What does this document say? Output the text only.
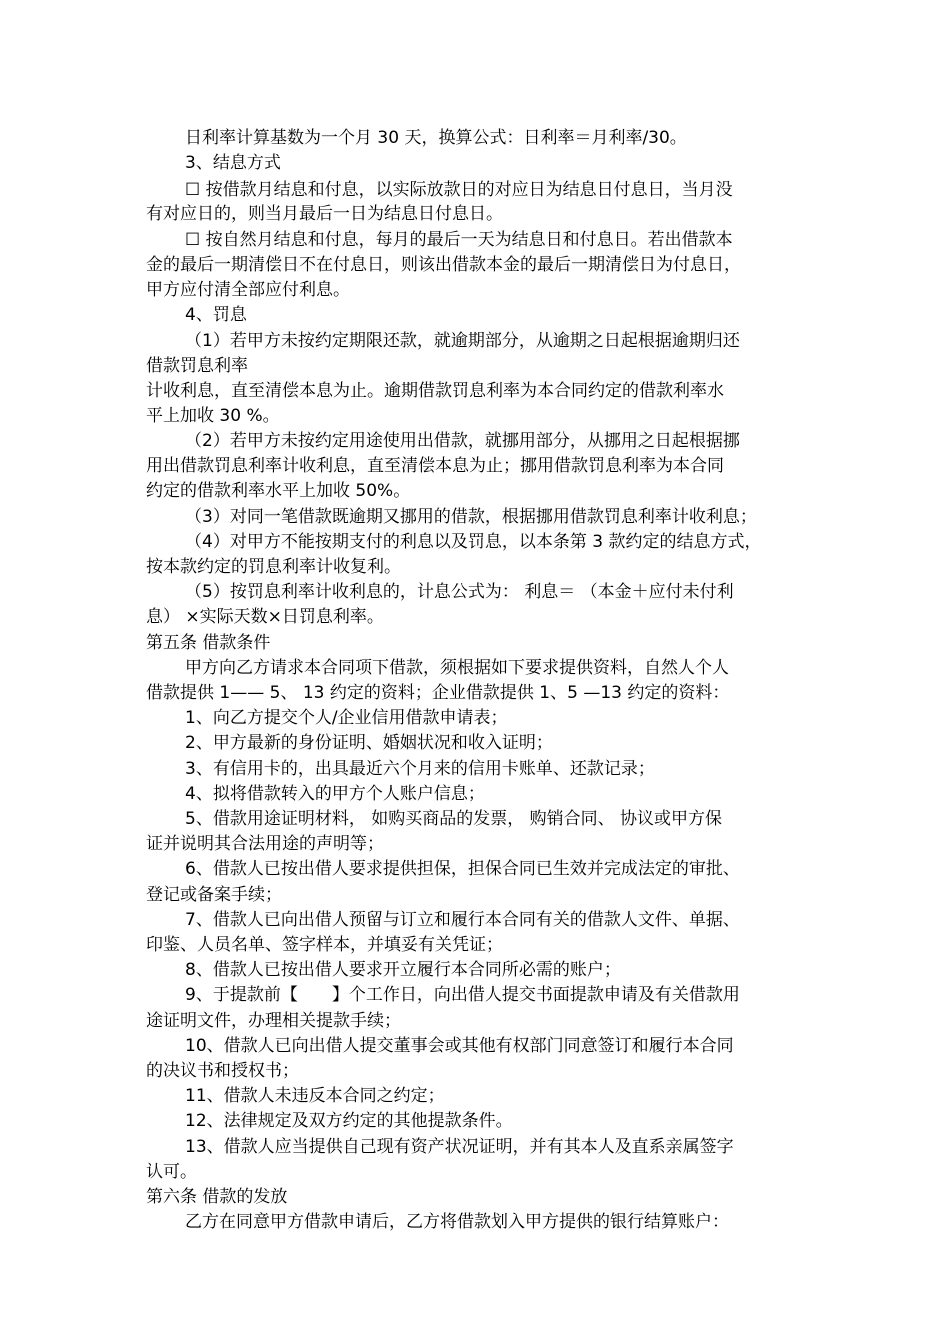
日利率计算基数为一个月 30 天，换算公式：日利率＝月利率/30。
3、结息方式
☐ 按借款月结息和付息，以实际放款日的对应日为结息日付息日，当月没
有对应日的，则当月最后一日为结息日付息日。
☐ 按自然月结息和付息，每月的最后一天为结息日和付息日。若出借款本
金的最后一期清偿日不在付息日，则该出借款本金的最后一期清偿日为付息日，
甲方应付清全部应付利息。
4、罚息
（1）若甲方未按约定期限还款，就逾期部分，从逾期之日起根据逾期归还
借款罚息利率
计收利息，直至清偿本息为止。逾期借款罚息利率为本合同约定的借款利率水
平上加收 30 %。
（2）若甲方未按约定用途使用出借款，就挪用部分，从挪用之日起根据挪
用出借款罚息利率计收利息，直至清偿本息为止；挪用借款罚息利率为本合同
约定的借款利率水平上加收 50%。
（3）对同一笔借款既逾期又挪用的借款，根据挪用借款罚息利率计收利息；
（4）对甲方不能按期支付的利息以及罚息，以本条第 3 款约定的结息方式，
按本款约定的罚息利率计收复利。
（5）按罚息利率计收利息的，计息公式为： 利息＝ （本金＋应付未付利
息） ×实际天数×日罚息利率。
第五条 借款条件
甲方向乙方请求本合同项下借款，须根据如下要求提供资料，自然人个人
借款提供 1—— 5、 13 约定的资料；企业借款提供 1、5 —13 约定的资料：
1、向乙方提交个人/企业信用借款申请表；
2、甲方最新的身份证明、婚姻状况和收入证明；
3、有信用卡的，出具最近六个月来的信用卡账单、还款记录；
4、拟将借款转入的甲方个人账户信息；
5、借款用途证明材料， 如购买商品的发票， 购销合同、 协议或甲方保
证并说明其合法用途的声明等；
6、借款人已按出借人要求提供担保，担保合同已生效并完成法定的审批、
登记或备案手续；
7、借款人已向出借人预留与订立和履行本合同有关的借款人文件、单据、
印鉴、人员名单、签字样本，并填妥有关凭证；
8、借款人已按出借人要求开立履行本合同所必需的账户；
9、于提款前【　　】个工作日，向出借人提交书面提款申请及有关借款用
途证明文件，办理相关提款手续；
10、借款人已向出借人提交董事会或其他有权部门同意签订和履行本合同
的决议书和授权书；
11、借款人未违反本合同之约定；
12、法律规定及双方约定的其他提款条件。
13、借款人应当提供自己现有资产状况证明，并有其本人及直系亲属签字
认可。
第六条 借款的发放
乙方在同意甲方借款申请后，乙方将借款划入甲方提供的银行结算账户：
